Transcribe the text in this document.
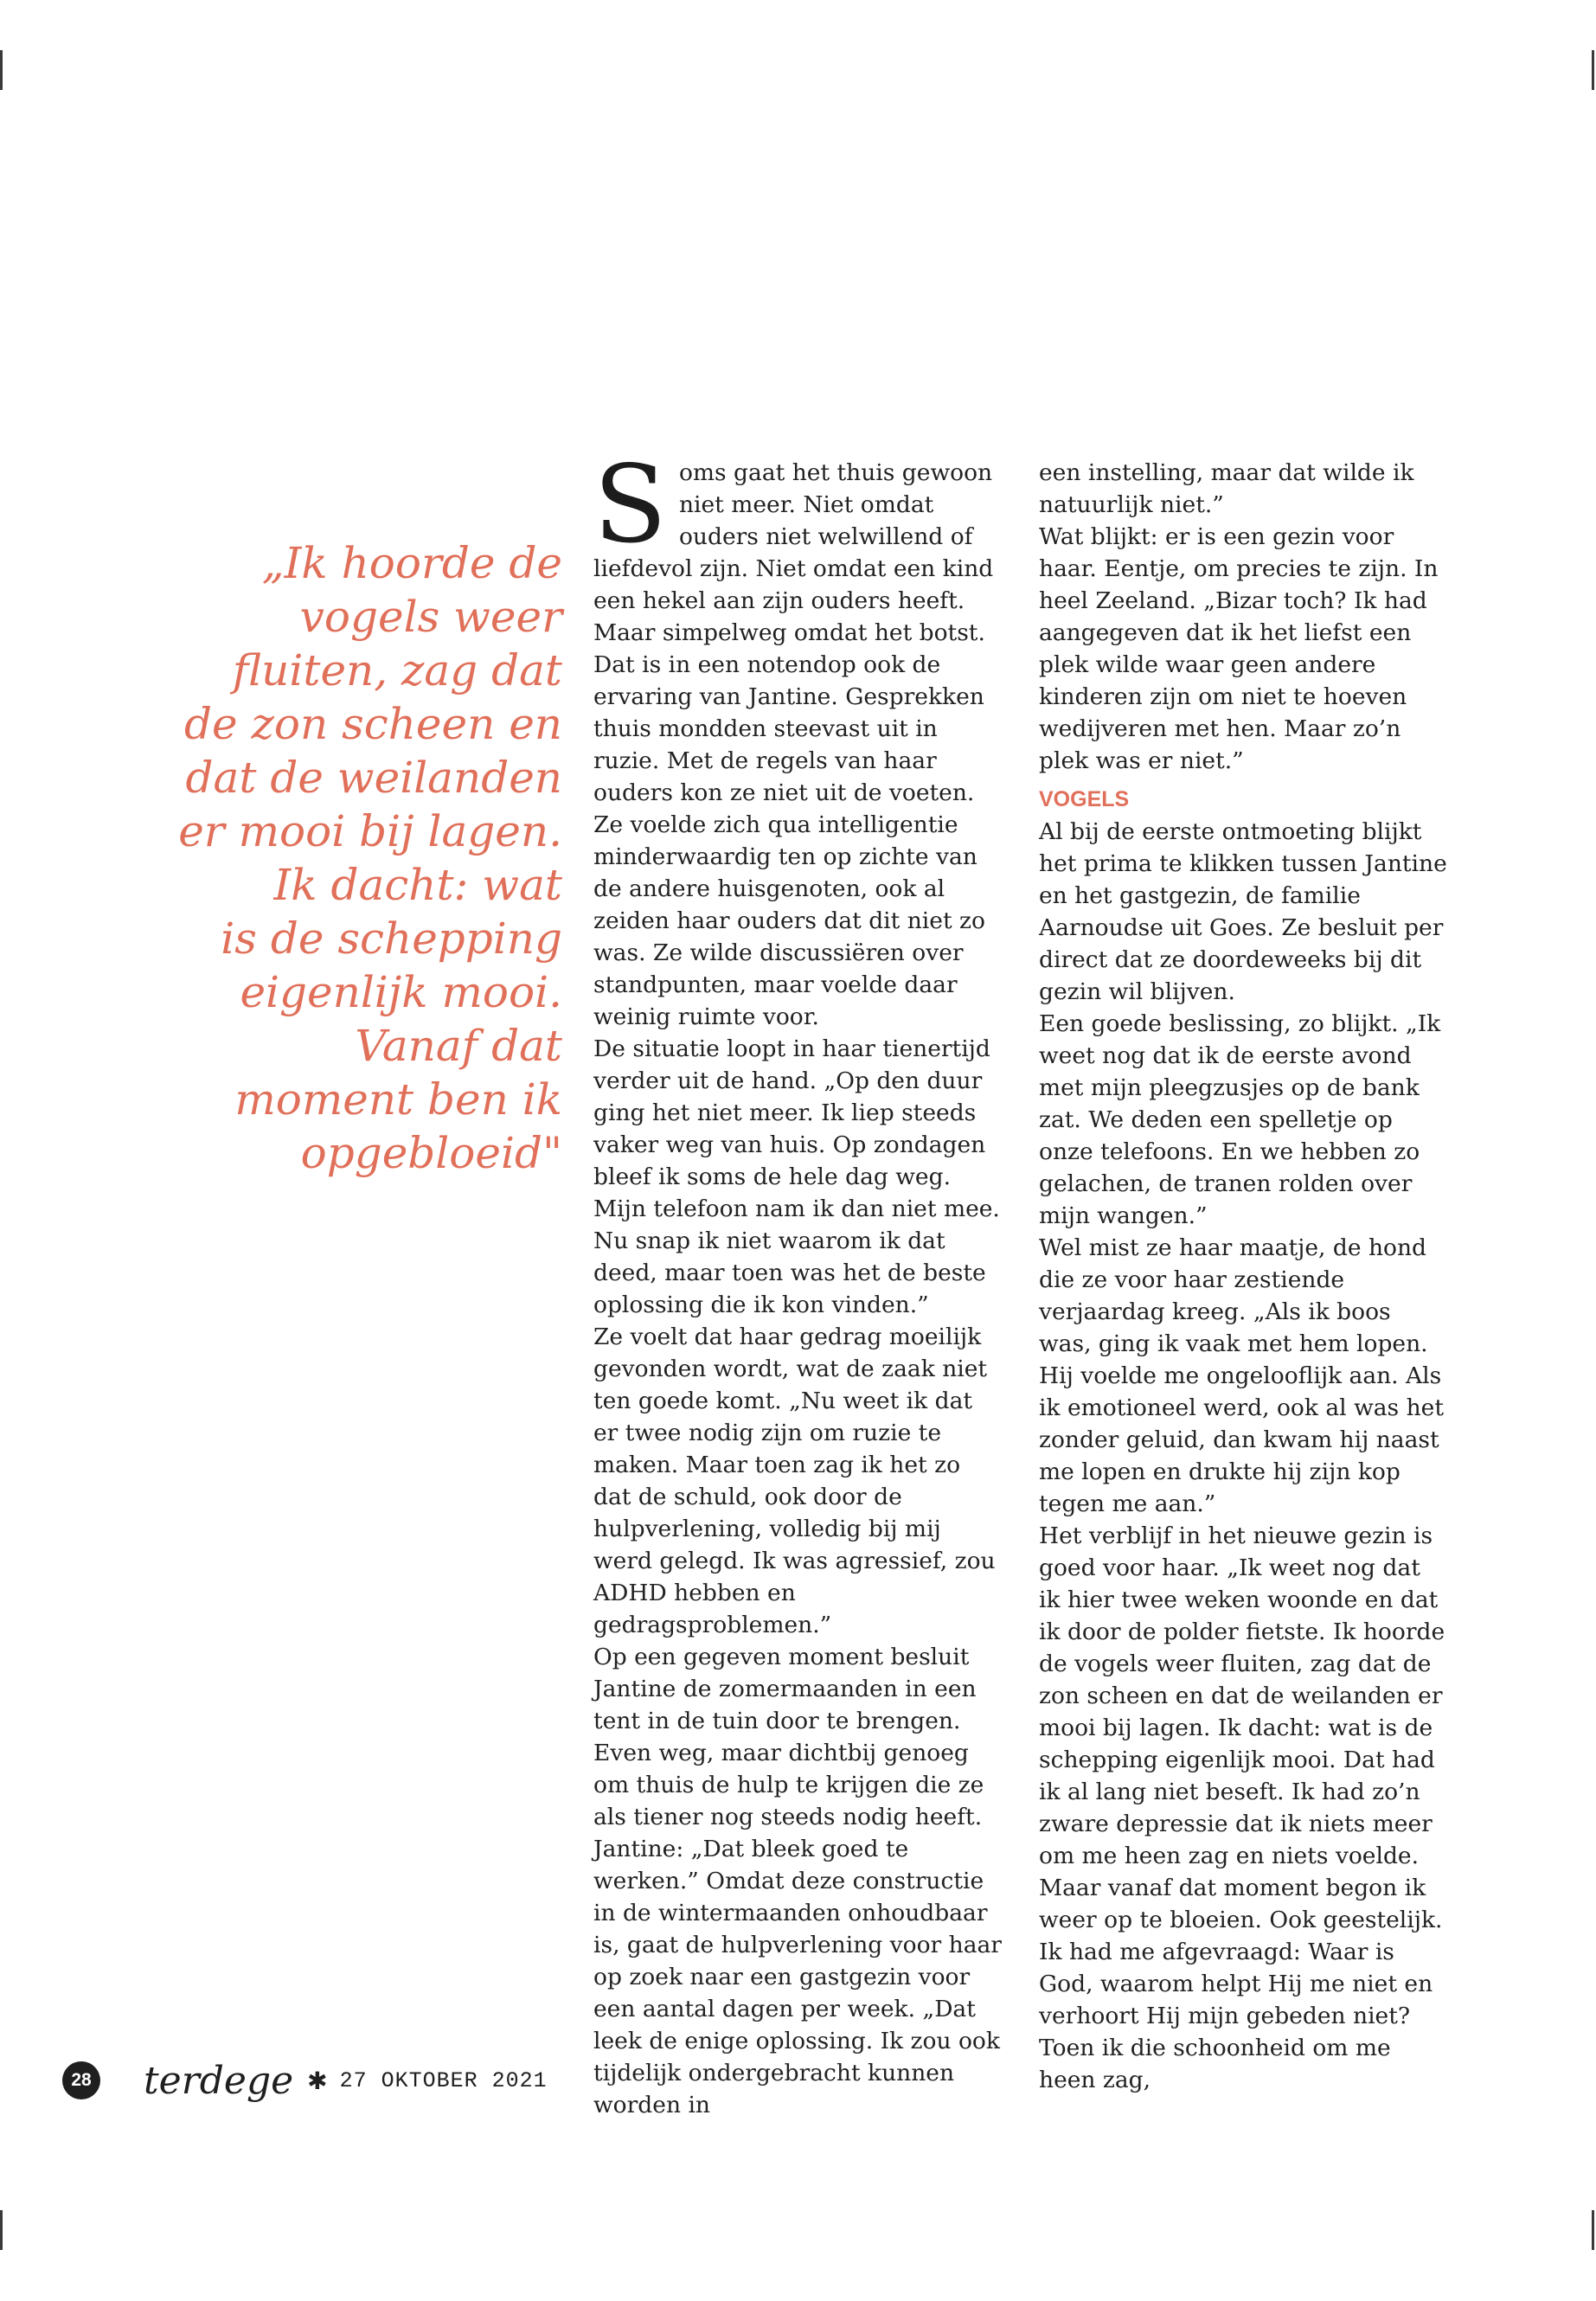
„Ik hoorde de
vogels weer
fluiten, zag dat
de zon scheen en
dat de weilanden
er mooi bij lagen.
Ik dacht: wat
is de schepping
eigenlijk mooi.
Vanaf dat
moment ben ik
opgebloeid"

Soms gaat het thuis gewoon niet meer. Niet omdat ouders niet welwillend of liefdevol zijn. Niet omdat een kind een hekel aan zijn ouders heeft. Maar simpelweg omdat het botst.

Dat is in een notendop ook de ervaring van Jantine. Gesprekken thuis mondden steevast uit in ruzie. Met de regels van haar ouders kon ze niet uit de voeten. Ze voelde zich qua intelligentie minderwaardig ten op zichte van de andere huisgenoten, ook al zeiden haar ouders dat dit niet zo was. Ze wilde discussiëren over standpunten, maar voelde daar weinig ruimte voor.

De situatie loopt in haar tienertijd verder uit de hand. „Op den duur ging het niet meer. Ik liep steeds vaker weg van huis. Op zondagen bleef ik soms de hele dag weg. Mijn telefoon nam ik dan niet mee. Nu snap ik niet waarom ik dat deed, maar toen was het de beste oplossing die ik kon vinden.”

Ze voelt dat haar gedrag moeilijk gevonden wordt, wat de zaak niet ten goede komt. „Nu weet ik dat er twee nodig zijn om ruzie te maken. Maar toen zag ik het zo dat de schuld, ook door de hulpverlening, volledig bij mij werd gelegd. Ik was agressief, zou ADHD hebben en gedragsproblemen.”

Op een gegeven moment besluit Jantine de zomermaanden in een tent in de tuin door te brengen. Even weg, maar dichtbij genoeg om thuis de hulp te krijgen die ze als tiener nog steeds nodig heeft. Jantine: „Dat bleek goed te werken.” Omdat deze constructie in de wintermaanden onhoudbaar is, gaat de hulpverlening voor haar op zoek naar een gastgezin voor een aantal dagen per week. „Dat leek de enige oplossing. Ik zou ook tijdelijk ondergebracht kunnen worden in

een instelling, maar dat wilde ik natuurlijk niet.”

Wat blijkt: er is een gezin voor haar. Eentje, om precies te zijn. In heel Zeeland. „Bizar toch? Ik had aangegeven dat ik het liefst een plek wilde waar geen andere kinderen zijn om niet te hoeven wedijveren met hen. Maar zo’n plek was er niet.”

VOGELS

Al bij de eerste ontmoeting blijkt het prima te klikken tussen Jantine en het gastgezin, de familie Aarnoudse uit Goes. Ze besluit per direct dat ze doordeweeks bij dit gezin wil blijven.

Een goede beslissing, zo blijkt. „Ik weet nog dat ik de eerste avond met mijn pleegzusjes op de bank zat. We deden een spelletje op onze telefoons. En we hebben zo gelachen, de tranen rolden over mijn wangen.”

Wel mist ze haar maatje, de hond die ze voor haar zestiende verjaardag kreeg. „Als ik boos was, ging ik vaak met hem lopen. Hij voelde me ongelooflijk aan. Als ik emotioneel werd, ook al was het zonder geluid, dan kwam hij naast me lopen en drukte hij zijn kop tegen me aan.”

Het verblijf in het nieuwe gezin is goed voor haar. „Ik weet nog dat ik hier twee weken woonde en dat ik door de polder fietste. Ik hoorde de vogels weer fluiten, zag dat de zon scheen en dat de weilanden er mooi bij lagen. Ik dacht: wat is de schepping eigenlijk mooi. Dat had ik al lang niet beseft. Ik had zo’n zware depressie dat ik niets meer om me heen zag en niets voelde. Maar vanaf dat moment begon ik weer op te bloeien. Ook geestelijk. Ik had me afgevraagd: Waar is God, waarom helpt Hij me niet en verhoort Hij mijn gebeden niet? Toen ik die schoonheid om me heen zag,

28 terdege ✱ 27 OKTOBER 2021
